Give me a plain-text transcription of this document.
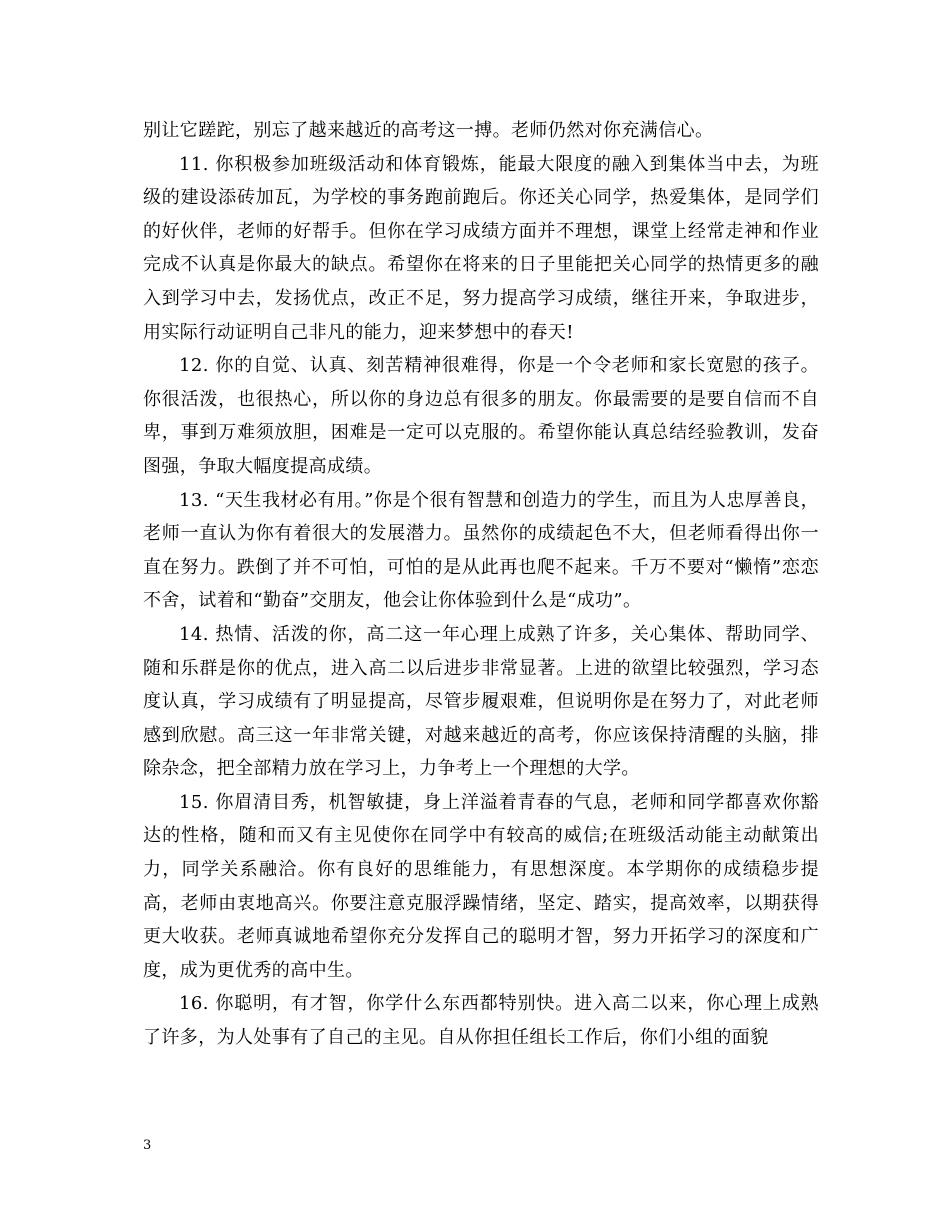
别让它蹉跎，别忘了越来越近的高考这一搏。老师仍然对你充满信心。

11. 你积极参加班级活动和体育锻炼，能最大限度的融入到集体当中去，为班级的建设添砖加瓦，为学校的事务跑前跑后。你还关心同学，热爱集体，是同学们的好伙伴，老师的好帮手。但你在学习成绩方面并不理想，课堂上经常走神和作业完成不认真是你最大的缺点。希望你在将来的日子里能把关心同学的热情更多的融入到学习中去，发扬优点，改正不足，努力提高学习成绩，继往开来，争取进步，用实际行动证明自己非凡的能力，迎来梦想中的春天!

12. 你的自觉、认真、刻苦精神很难得，你是一个令老师和家长宽慰的孩子。你很活泼，也很热心，所以你的身边总有很多的朋友。你最需要的是要自信而不自卑，事到万难须放胆，困难是一定可以克服的。希望你能认真总结经验教训，发奋图强，争取大幅度提高成绩。

13. “天生我材必有用。”你是个很有智慧和创造力的学生，而且为人忠厚善良，老师一直认为你有着很大的发展潜力。虽然你的成绩起色不大，但老师看得出你一直在努力。跌倒了并不可怕，可怕的是从此再也爬不起来。千万不要对“懒惰”恋恋不舍，试着和“勤奋”交朋友，他会让你体验到什么是“成功”。

14. 热情、活泼的你，高二这一年心理上成熟了许多，关心集体、帮助同学、随和乐群是你的优点，进入高二以后进步非常显著。上进的欲望比较强烈，学习态度认真，学习成绩有了明显提高，尽管步履艰难，但说明你是在努力了，对此老师感到欣慰。高三这一年非常关键，对越来越近的高考，你应该保持清醒的头脑，排除杂念，把全部精力放在学习上，力争考上一个理想的大学。

15. 你眉清目秀，机智敏捷，身上洋溢着青春的气息，老师和同学都喜欢你豁达的性格，随和而又有主见使你在同学中有较高的威信;在班级活动能主动献策出力，同学关系融洽。你有良好的思维能力，有思想深度。本学期你的成绩稳步提高，老师由衷地高兴。你要注意克服浮躁情绪，坚定、踏实，提高效率，以期获得更大收获。老师真诚地希望你充分发挥自己的聪明才智，努力开拓学习的深度和广度，成为更优秀的高中生。

16. 你聪明，有才智，你学什么东西都特别快。进入高二以来，你心理上成熟了许多，为人处事有了自己的主见。自从你担任组长工作后，你们小组的面貌

3
